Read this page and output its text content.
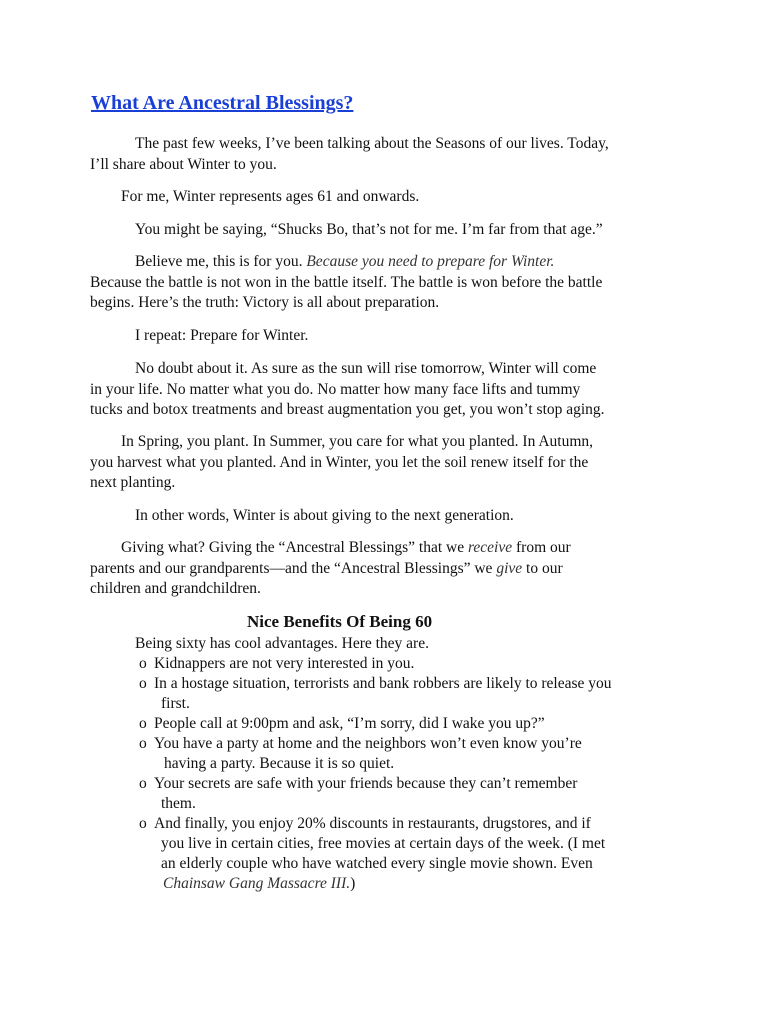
What Are Ancestral Blessings?

The past few weeks, I’ve been talking about the Seasons of our lives. Today,
I’ll share about Winter to you.

For me, Winter represents ages 61 and onwards.

You might be saying, “Shucks Bo, that’s not for me. I’m far from that age.”

Believe me, this is for you. Because you need to prepare for Winter.
Because the battle is not won in the battle itself. The battle is won before the battle
begins. Here’s the truth: Victory is all about preparation.

I repeat: Prepare for Winter.

No doubt about it. As sure as the sun will rise tomorrow, Winter will come
in your life. No matter what you do. No matter how many face lifts and tummy
tucks and botox treatments and breast augmentation you get, you won’t stop aging.

In Spring, you plant. In Summer, you care for what you planted. In Autumn,
you harvest what you planted. And in Winter, you let the soil renew itself for the
next planting.

In other words, Winter is about giving to the next generation.

Giving what? Giving the “Ancestral Blessings” that we receive from our
parents and our grandparents—and the “Ancestral Blessings” we give to our
children and grandchildren.

Nice Benefits Of Being 60
Being sixty has cool advantages. Here they are.
o Kidnappers are not very interested in you.
o In a hostage situation, terrorists and bank robbers are likely to release you
first.
o People call at 9:00pm and ask, “I’m sorry, did I wake you up?”
o You have a party at home and the neighbors won’t even know you’re
having a party. Because it is so quiet.
o Your secrets are safe with your friends because they can’t remember
them.
o And finally, you enjoy 20% discounts in restaurants, drugstores, and if
you live in certain cities, free movies at certain days of the week. (I met
an elderly couple who have watched every single movie shown. Even
Chainsaw Gang Massacre III.)
